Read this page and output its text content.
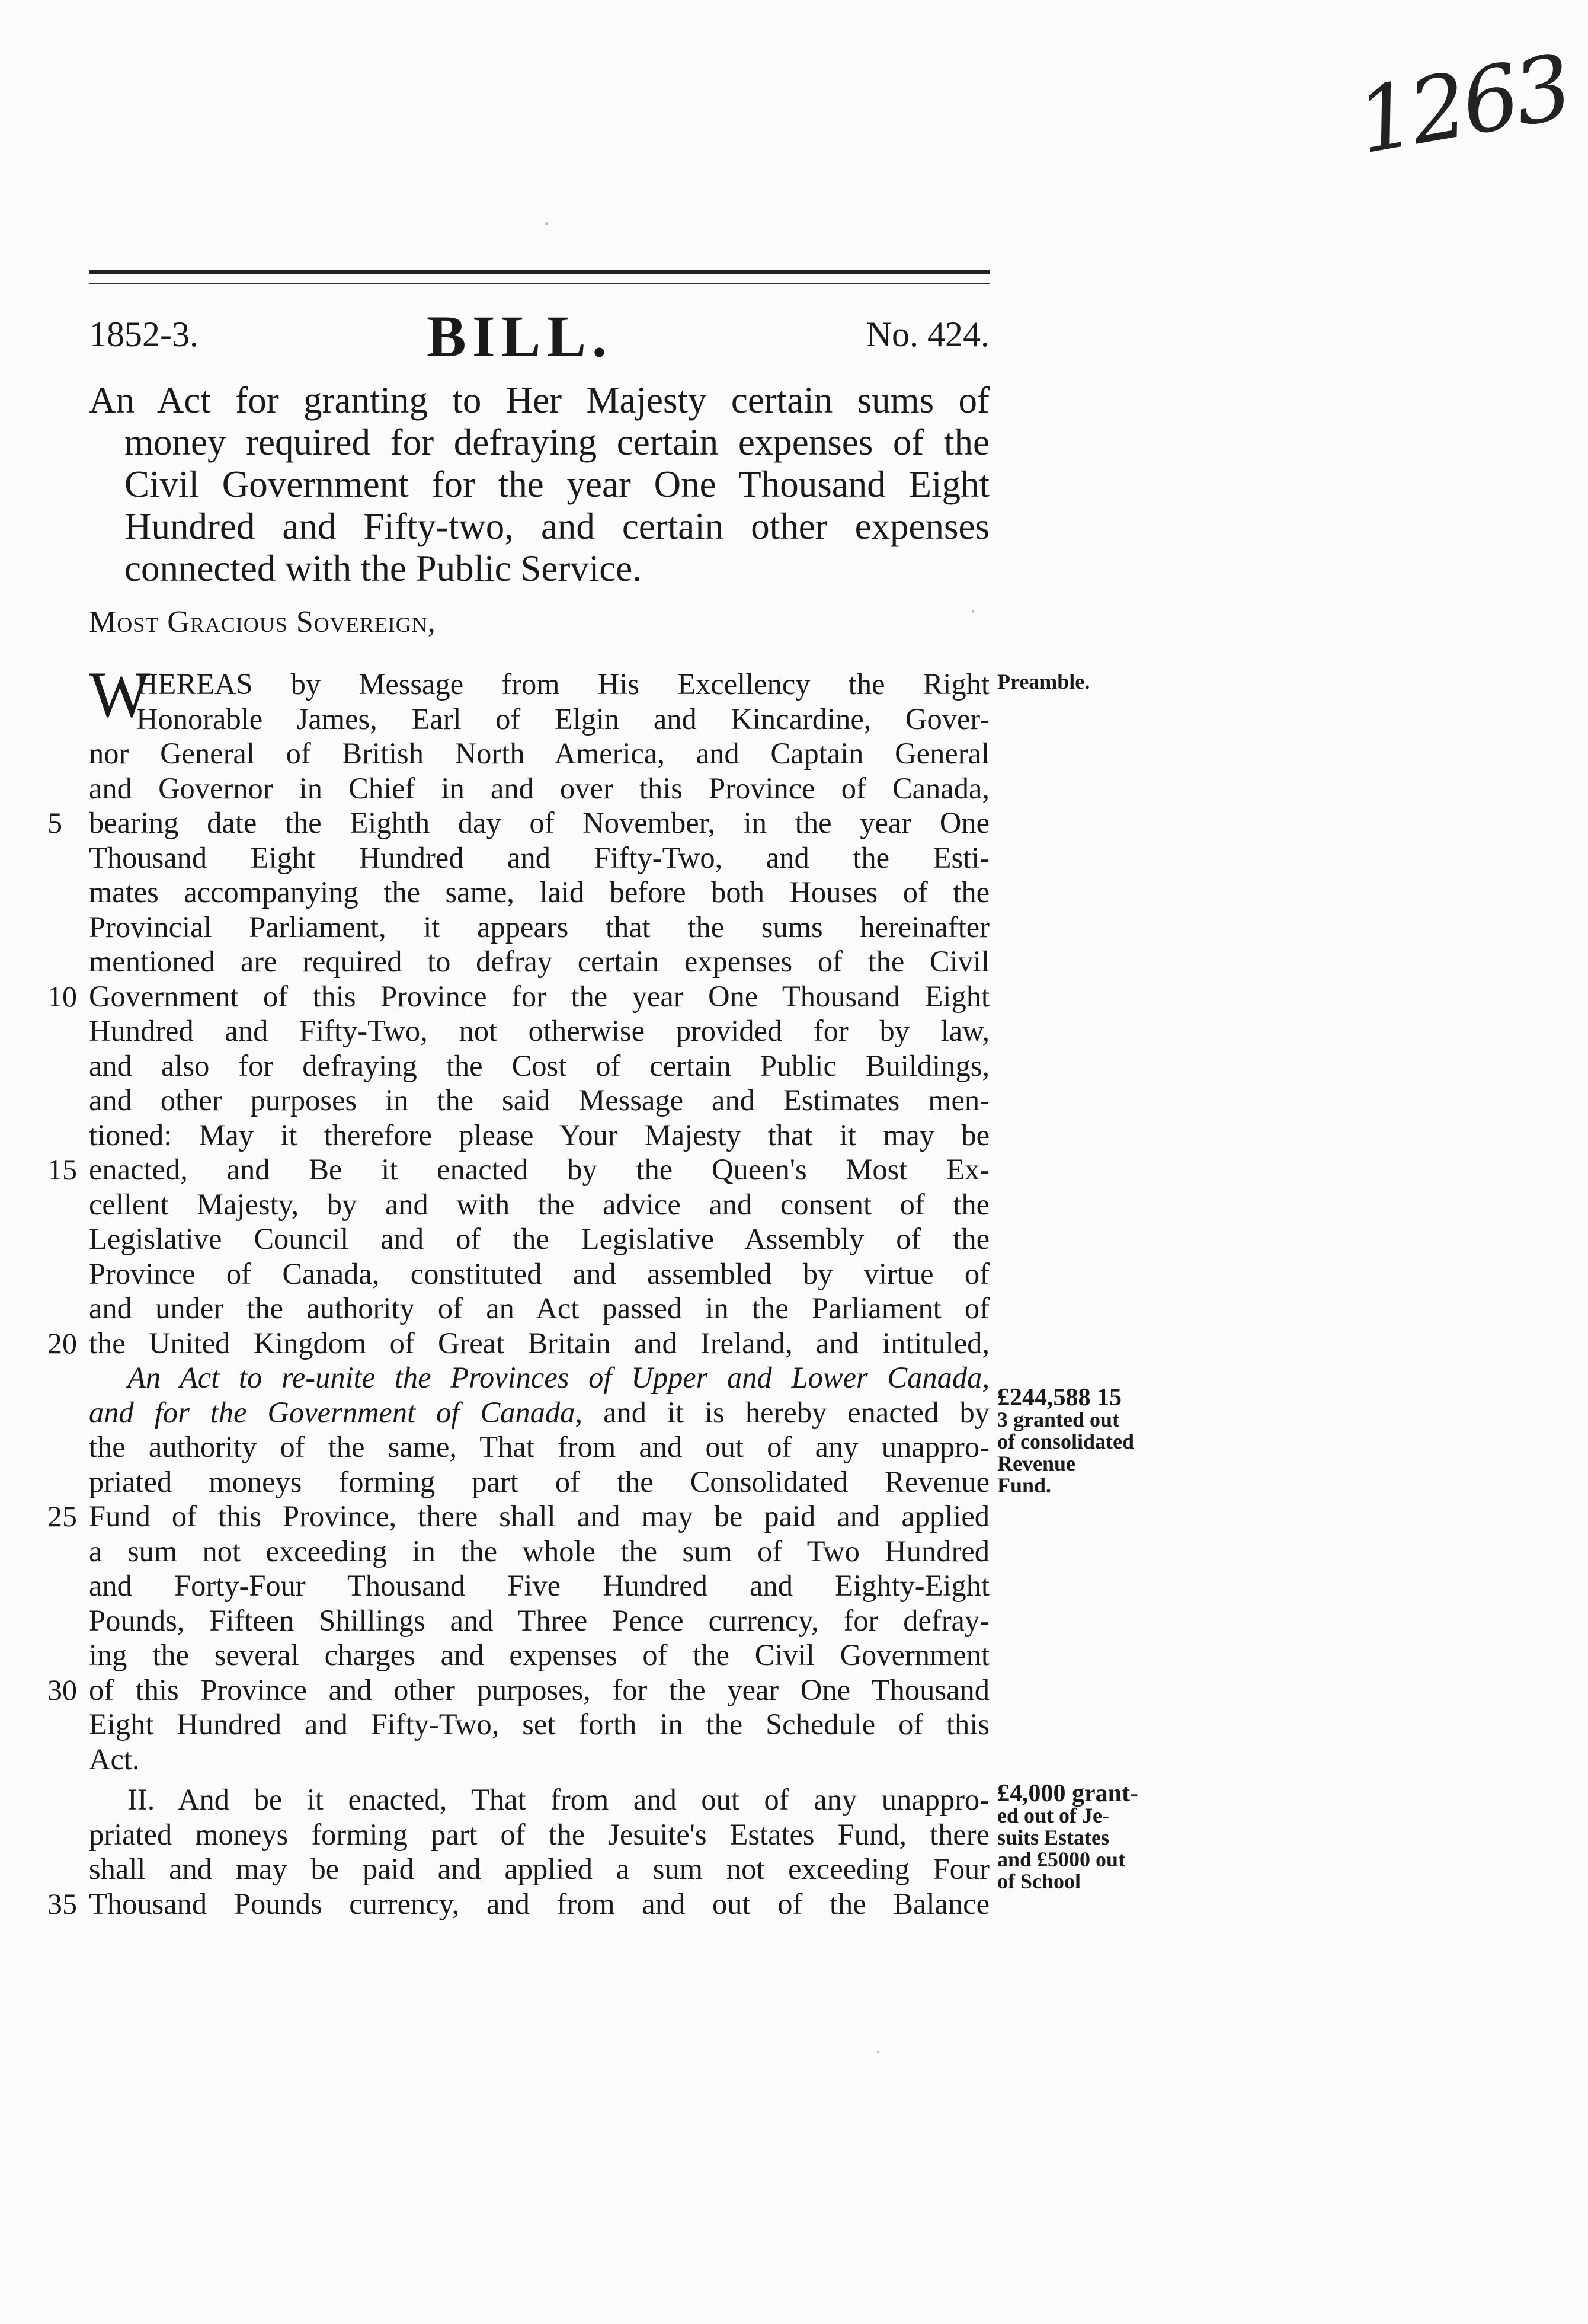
1263
1852-3.	BILL.	No. 424.
An Act for granting to Her Majesty certain sums of
money required for defraying certain expenses of the
Civil Government for the year One Thousand Eight
Hundred and Fifty-two, and certain other expenses
connected with the Public Service.
Most Gracious Sovereign,
W
HEREAS by Message from His Excellency the Right
Honorable James, Earl of Elgin and Kincardine, Gover-
nor General of British North America, and Captain General
and Governor in Chief in and over this Province of Canada,
5 bearing date the Eighth day of November, in the year One
Thousand Eight Hundred and Fifty-Two, and the Esti-
mates accompanying the same, laid before both Houses of the
Provincial Parliament, it appears that the sums hereinafter
mentioned are required to defray certain expenses of the Civil
10 Government of this Province for the year One Thousand Eight
Hundred and Fifty-Two, not otherwise provided for by law,
and also for defraying the Cost of certain Public Buildings,
and other purposes in the said Message and Estimates men-
tioned: May it therefore please Your Majesty that it may be
15 enacted, and Be it enacted by the Queen's Most Ex-
cellent Majesty, by and with the advice and consent of the
Legislative Council and of the Legislative Assembly of the
Province of Canada, constituted and assembled by virtue of
and under the authority of an Act passed in the Parliament of
20 the United Kingdom of Great Britain and Ireland, and intituled,
An Act to re-unite the Provinces of Upper and Lower Canada,
and for the Government of Canada, and it is hereby enacted by
the authority of the same, That from and out of any unappro-
priated moneys forming part of the Consolidated Revenue
25 Fund of this Province, there shall and may be paid and applied
a sum not exceeding in the whole the sum of Two Hundred
and Forty-Four Thousand Five Hundred and Eighty-Eight
Pounds, Fifteen Shillings and Three Pence currency, for defray-
ing the several charges and expenses of the Civil Government
30 of this Province and other purposes, for the year One Thousand
Eight Hundred and Fifty-Two, set forth in the Schedule of this
Act.
II. And be it enacted, That from and out of any unappro-
priated moneys forming part of the Jesuite's Estates Fund, there
shall and may be paid and applied a sum not exceeding Four
35 Thousand Pounds currency, and from and out of the Balance
Preamble.
£244,588 15
3 granted out
of consolidated
Revenue
Fund.
£4,000 grant-
ed out of Je-
suits Estates
and £5000 out
of School
